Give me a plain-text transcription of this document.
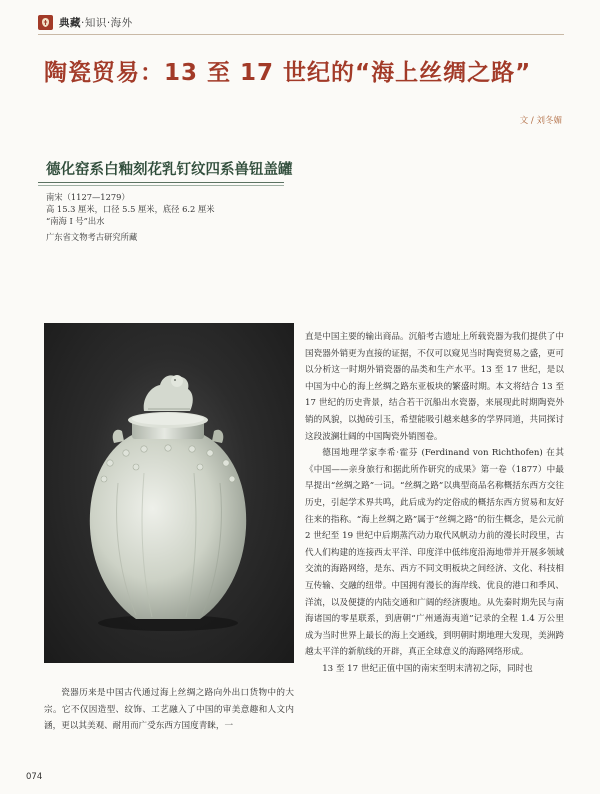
典藏·知识·海外
陶瓷贸易：13 至 17 世纪的“海上丝绸之路”
文 / 刘冬媚
德化窑系白釉刻花乳钉纹四系兽钮盖罐
南宋（1127—1279）
高 15.3 厘米，口径 5.5 厘米，底径 6.2 厘米
“南海 I 号”出水
广东省文物考古研究所藏

直是中国主要的输出商品。沉船考古遗址上所载瓷器为我们提供了中国瓷器外销更为直接的证据，不仅可以窥见当时陶瓷贸易之盛，更可以分析这一时期外销瓷器的品类和生产水平。13 至 17 世纪，是以中国为中心的海上丝绸之路东亚板块的繁盛时期。本文将结合 13 至 17 世纪的历史背景，结合若干沉船出水瓷器，来展现此时期陶瓷外销的风貌，以抛砖引玉，希望能吸引越来越多的学界同道，共同探讨这段波澜壮阔的中国陶瓷外销图卷。

德国地理学家李希·霍芬 (Ferdinand von Richthofen) 在其《中国——亲身旅行和据此所作研究的成果》第一卷（1877）中最早提出“丝绸之路”一词。“丝绸之路”以典型商品名称概括东西方交往历史，引起学术界共鸣，此后成为约定俗成的概括东西方贸易和友好往来的指称。“海上丝绸之路”属于“丝绸之路”的衍生概念，是公元前 2 世纪至 19 世纪中后期蒸汽动力取代风帆动力前的漫长时段里，古代人们构建的连接西太平洋、印度洋中低纬度沿海地带并开展多领域交流的海路网络，是东、西方不同文明板块之间经济、文化、科技相互传输、交融的纽带。中国拥有漫长的海岸线、优良的港口和季风、洋流，以及便捷的内陆交通和广阔的经济腹地。从先秦时期先民与南海诸国的零星联系，到唐朝“广州通海夷道”记录的全程 1.4 万公里成为当时世界上最长的海上交通线，到明朝时期地理大发现，美洲跨越太平洋的新航线的开辟，真正全球意义的海路网络形成。

13 至 17 世纪正值中国的南宋至明末清初之际，同时也

瓷器历来是中国古代通过海上丝绸之路向外出口货物中的大宗。它不仅因造型、纹饰、工艺融入了中国的审美意趣和人文内涵，更以其美观、耐用而广受东西方国度青睐，一

074
